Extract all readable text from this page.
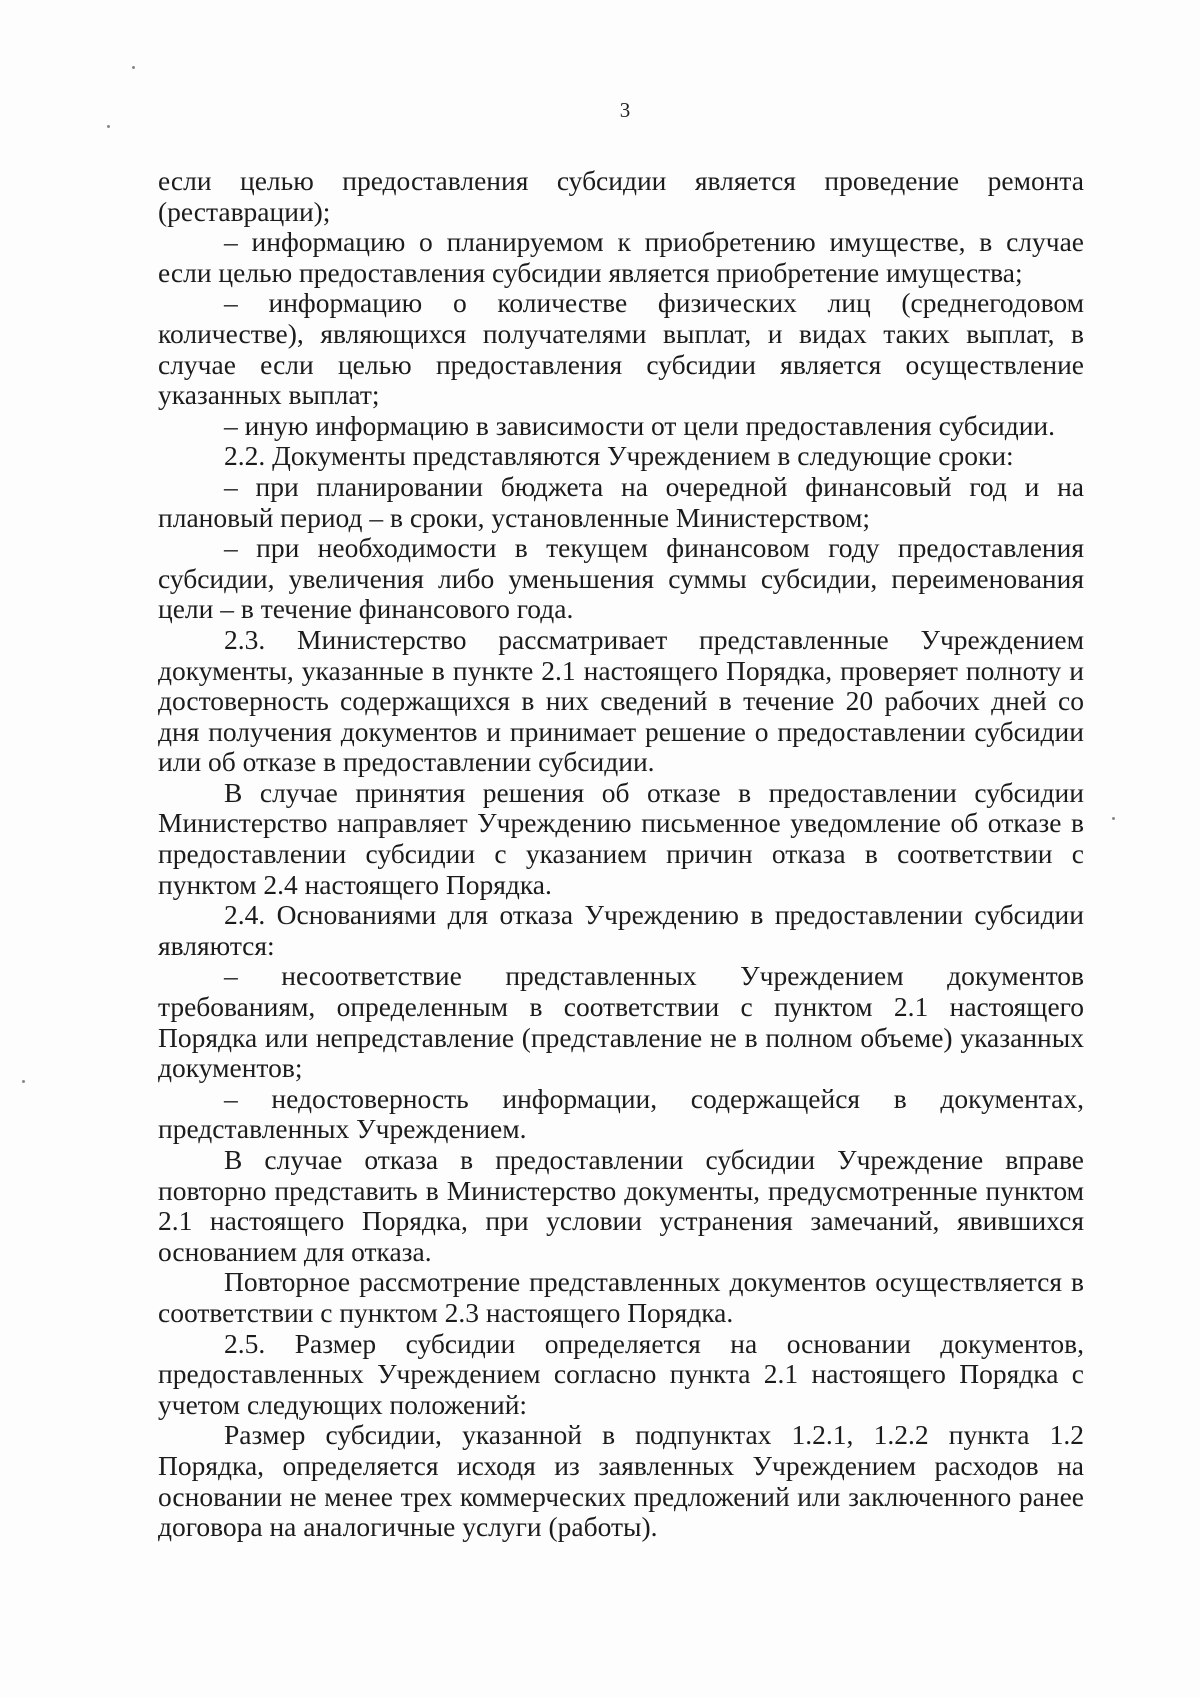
3

если целью предоставления субсидии является проведение ремонта (реставрации);

– информацию о планируемом к приобретению имуществе, в случае если целью предоставления субсидии является приобретение имущества;

– информацию о количестве физических лиц (среднегодовом количестве), являющихся получателями выплат, и видах таких выплат, в случае если целью предоставления субсидии является осуществление указанных выплат;

– иную информацию в зависимости от цели предоставления субсидии.

2.2. Документы представляются Учреждением в следующие сроки:

– при планировании бюджета на очередной финансовый год и на плановый период – в сроки, установленные Министерством;

– при необходимости в текущем финансовом году предоставления субсидии, увеличения либо уменьшения суммы субсидии, переименования цели – в течение финансового года.

2.3. Министерство рассматривает представленные Учреждением документы, указанные в пункте 2.1 настоящего Порядка, проверяет полноту и достоверность содержащихся в них сведений в течение 20 рабочих дней со дня получения документов и принимает решение о предоставлении субсидии или об отказе в предоставлении субсидии.

В случае принятия решения об отказе в предоставлении субсидии Министерство направляет Учреждению письменное уведомление об отказе в предоставлении субсидии с указанием причин отказа в соответствии с пунктом 2.4 настоящего Порядка.

2.4. Основаниями для отказа Учреждению в предоставлении субсидии являются:

– несоответствие представленных Учреждением документов требованиям, определенным в соответствии с пунктом 2.1 настоящего Порядка или непредставление (представление не в полном объеме) указанных документов;

– недостоверность информации, содержащейся в документах, представленных Учреждением.

В случае отказа в предоставлении субсидии Учреждение вправе повторно представить в Министерство документы, предусмотренные пунктом 2.1 настоящего Порядка, при условии устранения замечаний, явившихся основанием для отказа.

Повторное рассмотрение представленных документов осуществляется в соответствии с пунктом 2.3 настоящего Порядка.

2.5. Размер субсидии определяется на основании документов, предоставленных Учреждением согласно пункта 2.1 настоящего Порядка с учетом следующих положений:

Размер субсидии, указанной в подпунктах 1.2.1, 1.2.2 пункта 1.2 Порядка, определяется исходя из заявленных Учреждением расходов на основании не менее трех коммерческих предложений или заключенного ранее договора на аналогичные услуги (работы).
